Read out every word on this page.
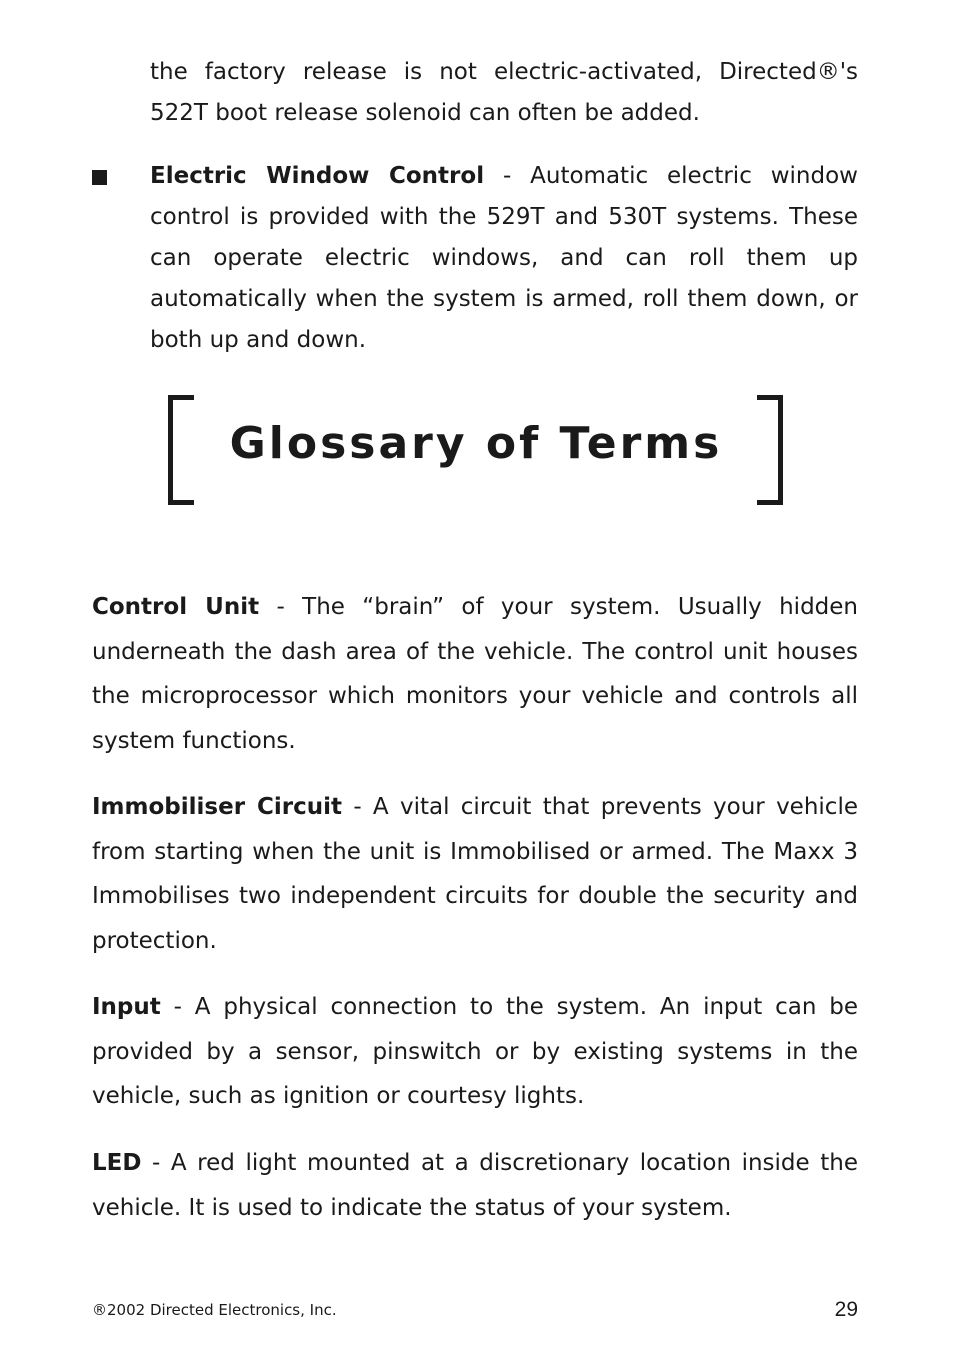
the factory release is not electric-activated, Directed®'s 522T boot release solenoid can often be added.

Electric Window Control - Automatic electric window control is provided with the 529T and 530T systems. These can operate electric windows, and can roll them up automatically when the system is armed, roll them down, or both up and down.

Glossary of Terms

Control Unit - The “brain” of your system. Usually hidden underneath the dash area of the vehicle. The control unit houses the microprocessor which monitors your vehicle and controls all system functions.

Immobiliser Circuit - A vital circuit that prevents your vehicle from starting when the unit is Immobilised or armed. The Maxx 3 Immobilises two independent circuits for double the security and protection.

Input - A physical connection to the system. An input can be provided by a sensor, pinswitch or by existing systems in the vehicle, such as ignition or courtesy lights.

LED - A red light mounted at a discretionary location inside the vehicle. It is used to indicate the status of your system.

®2002 Directed Electronics, Inc.	29
